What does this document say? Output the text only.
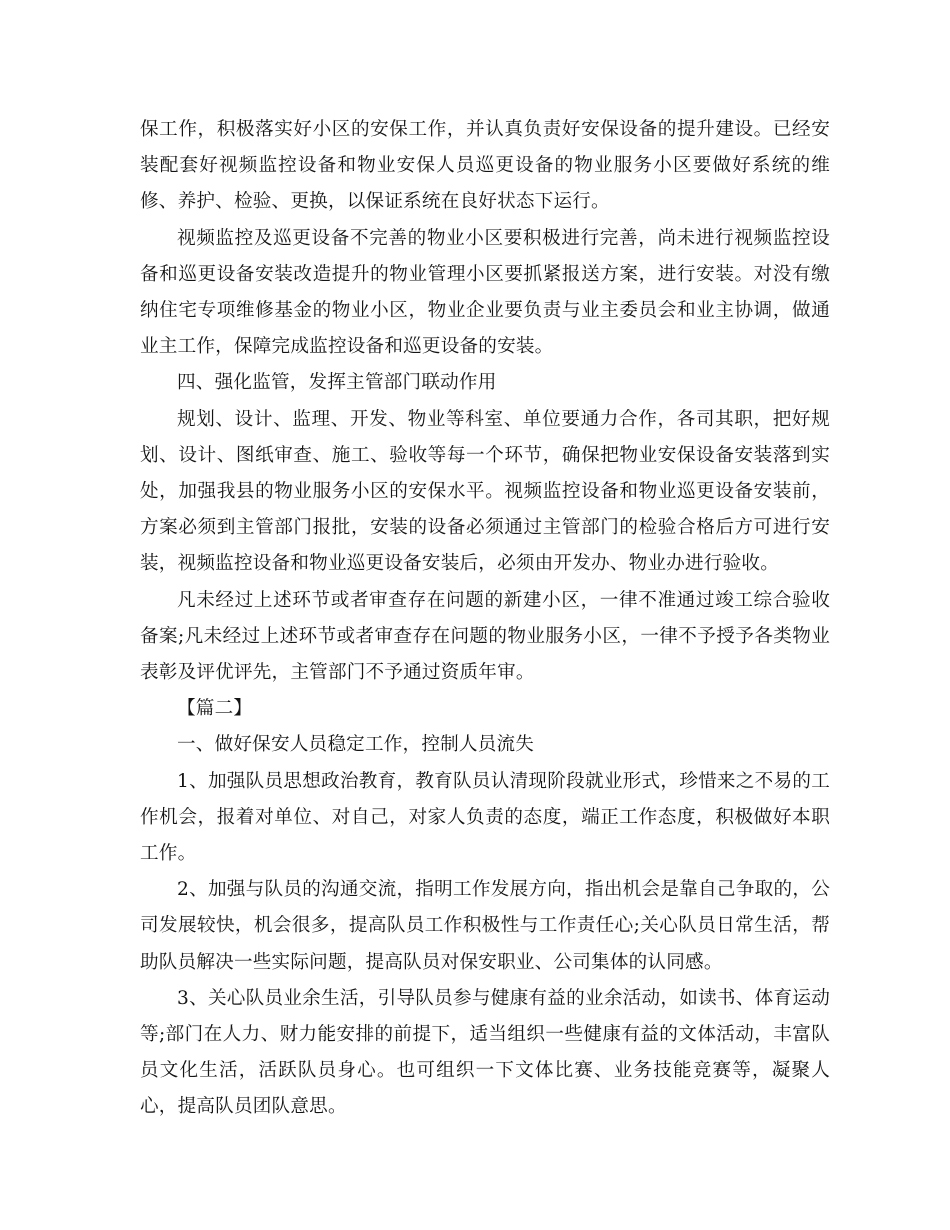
保工作，积极落实好小区的安保工作，并认真负责好安保设备的提升建设。已经安装配套好视频监控设备和物业安保人员巡更设备的物业服务小区要做好系统的维修、养护、检验、更换，以保证系统在良好状态下运行。

视频监控及巡更设备不完善的物业小区要积极进行完善，尚未进行视频监控设备和巡更设备安装改造提升的物业管理小区要抓紧报送方案，进行安装。对没有缴纳住宅专项维修基金的物业小区，物业企业要负责与业主委员会和业主协调，做通业主工作，保障完成监控设备和巡更设备的安装。

四、强化监管，发挥主管部门联动作用

规划、设计、监理、开发、物业等科室、单位要通力合作，各司其职，把好规划、设计、图纸审查、施工、验收等每一个环节，确保把物业安保设备安装落到实处，加强我县的物业服务小区的安保水平。视频监控设备和物业巡更设备安装前，方案必须到主管部门报批，安装的设备必须通过主管部门的检验合格后方可进行安装，视频监控设备和物业巡更设备安装后，必须由开发办、物业办进行验收。

凡未经过上述环节或者审查存在问题的新建小区，一律不准通过竣工综合验收备案;凡未经过上述环节或者审查存在问题的物业服务小区，一律不予授予各类物业表彰及评优评先，主管部门不予通过资质年审。

【篇二】

一、做好保安人员稳定工作，控制人员流失

1、加强队员思想政治教育，教育队员认清现阶段就业形式，珍惜来之不易的工作机会，报着对单位、对自己，对家人负责的态度，端正工作态度，积极做好本职工作。

2、加强与队员的沟通交流，指明工作发展方向，指出机会是靠自己争取的，公司发展较快，机会很多，提高队员工作积极性与工作责任心;关心队员日常生活，帮助队员解决一些实际问题，提高队员对保安职业、公司集体的认同感。

3、关心队员业余生活，引导队员参与健康有益的业余活动，如读书、体育运动等;部门在人力、财力能安排的前提下，适当组织一些健康有益的文体活动，丰富队员文化生活，活跃队员身心。也可组织一下文体比赛、业务技能竞赛等，凝聚人心，提高队员团队意思。
